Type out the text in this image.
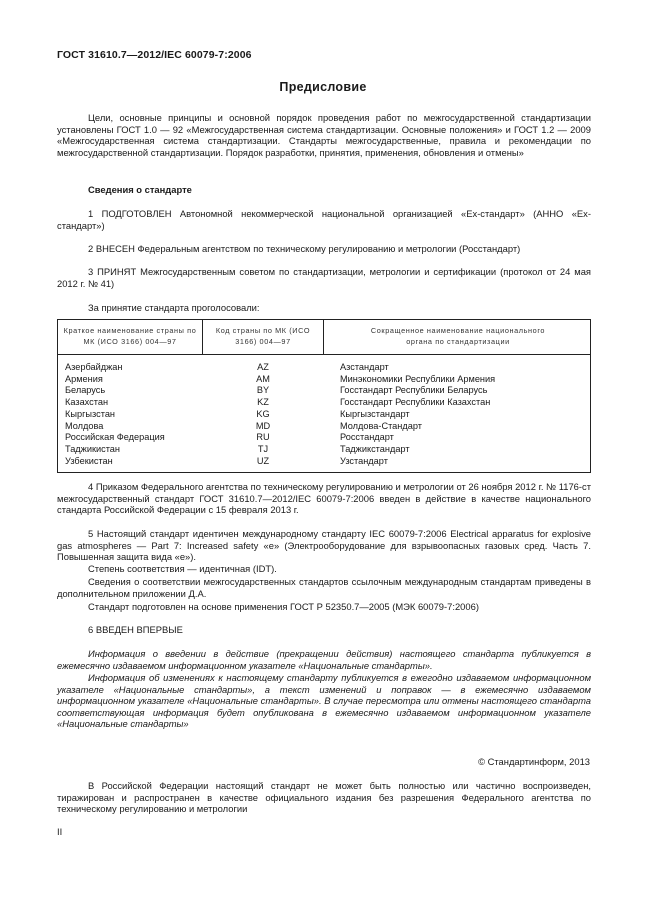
ГОСТ 31610.7—2012/IEC 60079-7:2006
Предисловие
Цели, основные принципы и основной порядок проведения работ по межгосударственной стандартизации установлены ГОСТ 1.0 — 92 «Межгосударственная система стандартизации. Основные положения» и ГОСТ 1.2 — 2009 «Межгосударственная система стандартизации. Стандарты межгосударственные, правила и рекомендации по межгосударственной стандартизации. Порядок разработки, принятия, применения, обновления и отмены»
Сведения о стандарте
1 ПОДГОТОВЛЕН Автономной некоммерческой национальной организацией «Ех-стандарт» (АННО «Ех-стандарт»)
2 ВНЕСЕН Федеральным агентством по техническому регулированию и метрологии (Росстандарт)
3 ПРИНЯТ Межгосударственным советом по стандартизации, метрологии и сертификации (протокол от 24 мая 2012 г. № 41)
За принятие стандарта проголосовали:
Краткое наименование страны по МК (ИСО 3166) 004—97
Код страны по МК (ИСО 3166) 004—97
Сокращенное наименование национального органа по стандартизации
Азербайджан
Армения
Беларусь
Казахстан
Кыргызстан
Молдова
Российская Федерация
Таджикистан
Узбекистан
AZ
AM
BY
KZ
KG
MD
RU
TJ
UZ
Азстандарт
Минэкономики Республики Армения
Госстандарт Республики Беларусь
Госстандарт Республики Казахстан
Кыргызстандарт
Молдова-Стандарт
Росстандарт
Таджикстандарт
Узстандарт
4 Приказом Федерального агентства по техническому регулированию и метрологии от 26 ноября 2012 г. № 1176-ст межгосударственный стандарт ГОСТ 31610.7—2012/IEC 60079-7:2006 введен в действие в качестве национального стандарта Российской Федерации с 15 февраля 2013 г.
5 Настоящий стандарт идентичен международному стандарту IEC 60079-7:2006 Electrical apparatus for explosive gas atmospheres — Part 7: Increased safety «e» (Электрооборудование для взрывоопасных газовых сред. Часть 7. Повышенная защита вида «e»).
Степень соответствия — идентичная (IDT).
Сведения о соответствии межгосударственных стандартов ссылочным международным стандартам приведены в дополнительном приложении Д.А.
Стандарт подготовлен на основе применения ГОСТ Р 52350.7—2005 (МЭК 60079-7:2006)
6 ВВЕДЕН ВПЕРВЫЕ
Информация о введении в действие (прекращении действия) настоящего стандарта публикуется в ежемесячно издаваемом информационном указателе «Национальные стандарты».
Информация об изменениях к настоящему стандарту публикуется в ежегодно издаваемом информационном указателе «Национальные стандарты», а текст изменений и поправок — в ежемесячно издаваемом информационном указателе «Национальные стандарты». В случае пересмотра или отмены настоящего стандарта соответствующая информация будет опубликована в ежемесячно издаваемом информационном указателе «Национальные стандарты»
© Стандартинформ, 2013
В Российской Федерации настоящий стандарт не может быть полностью или частично воспроизведен, тиражирован и распространен в качестве официального издания без разрешения Федерального агентства по техническому регулированию и метрологии
II
